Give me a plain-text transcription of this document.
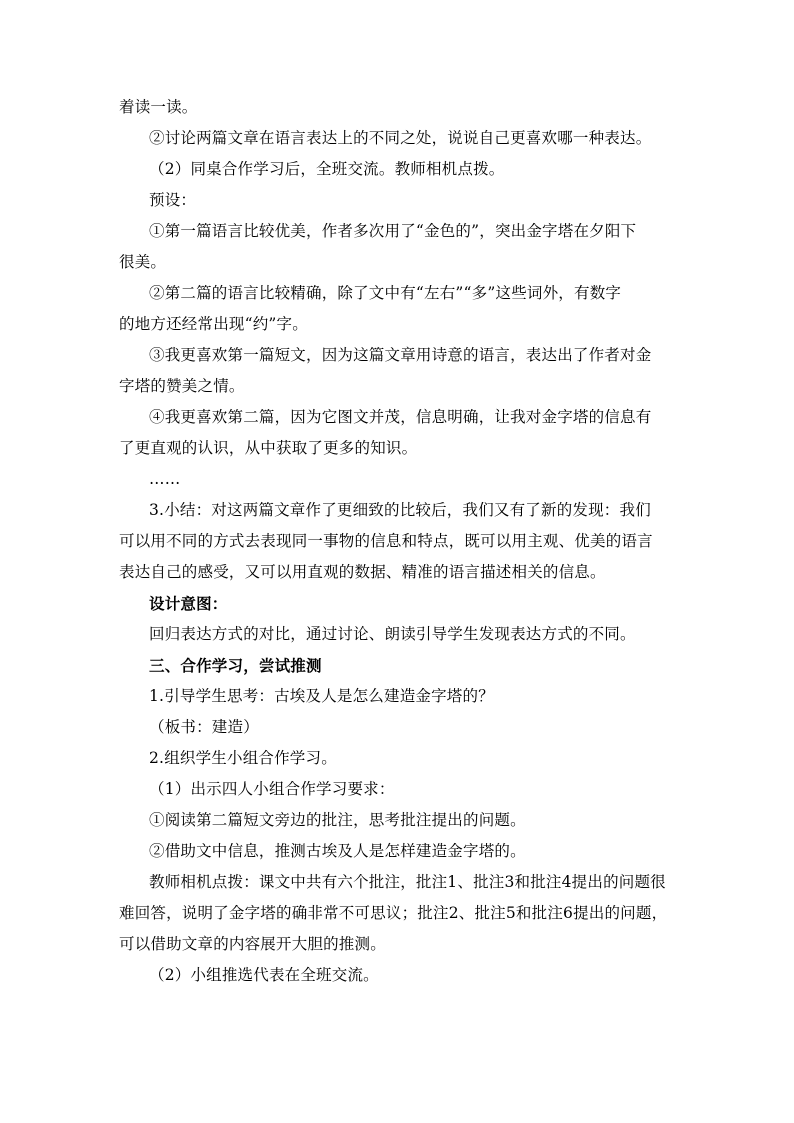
着读一读。
②讨论两篇文章在语言表达上的不同之处，说说自己更喜欢哪一种表达。
（2）同桌合作学习后，全班交流。教师相机点拨。
预设：
①第一篇语言比较优美，作者多次用了“金色的”，突出金字塔在夕阳下
很美。
②第二篇的语言比较精确，除了文中有“左右”“多”这些词外，有数字
的地方还经常出现“约”字。
③我更喜欢第一篇短文，因为这篇文章用诗意的语言，表达出了作者对金
字塔的赞美之情。
④我更喜欢第二篇，因为它图文并茂，信息明确，让我对金字塔的信息有
了更直观的认识，从中获取了更多的知识。
……
3.小结：对这两篇文章作了更细致的比较后，我们又有了新的发现：我们
可以用不同的方式去表现同一事物的信息和特点，既可以用主观、优美的语言
表达自己的感受，又可以用直观的数据、精准的语言描述相关的信息。
设计意图：
回归表达方式的对比，通过讨论、朗读引导学生发现表达方式的不同。
三、合作学习，尝试推测
1.引导学生思考：古埃及人是怎么建造金字塔的？
（板书：建造）
2.组织学生小组合作学习。
（1）出示四人小组合作学习要求：
①阅读第二篇短文旁边的批注，思考批注提出的问题。
②借助文中信息，推测古埃及人是怎样建造金字塔的。
教师相机点拨：课文中共有六个批注，批注1、批注3和批注4提出的问题很
难回答，说明了金字塔的确非常不可思议；批注2、批注5和批注6提出的问题，
可以借助文章的内容展开大胆的推测。
（2）小组推选代表在全班交流。
